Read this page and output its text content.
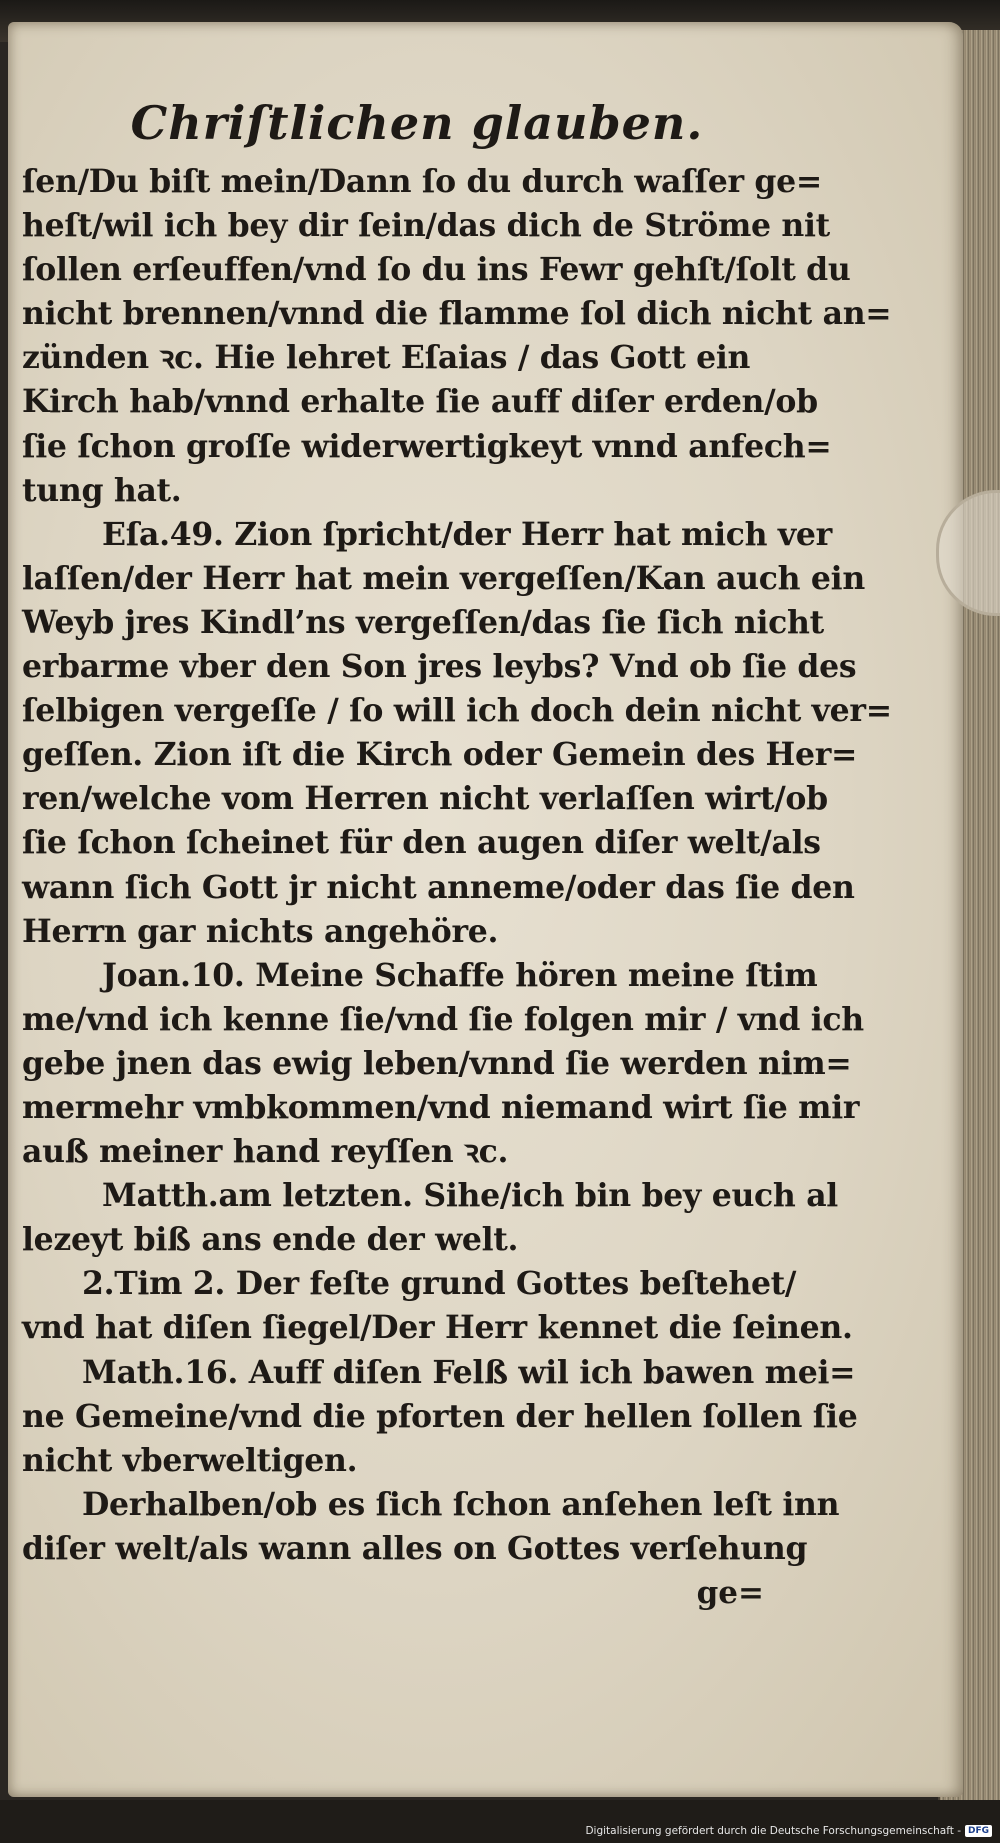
Chriſtlichen glauben.
ſen/Du biſt mein/Dann ſo du durch waſſer ge=
heſt/wil ich bey dir ſein/das dich de Ströme nit
ſollen erſeuffen/vnd ſo du ins Fewr gehſt/ſolt du
nicht brennen/vnnd die flamme ſol dich nicht an=
zünden ꝛc. Hie lehret Eſaias / das Gott ein
Kirch hab/vnnd erhalte ſie auff diſer erden/ob
ſie ſchon groſſe widerwertigkeyt vnnd anfech=
tung hat.
Eſa.49. Zion ſpricht/der Herr hat mich ver
laſſen/der Herr hat mein vergeſſen/Kan auch ein
Weyb jres Kindl’ns vergeſſen/das ſie ſich nicht
erbarme vber den Son jres leybs? Vnd ob ſie des
ſelbigen vergeſſe / ſo will ich doch dein nicht ver=
geſſen. Zion iſt die Kirch oder Gemein des Her=
ren/welche vom Herren nicht verlaſſen wirt/ob
ſie ſchon ſcheinet für den augen diſer welt/als
wann ſich Gott jr nicht anneme/oder das ſie den
Herrn gar nichts angehöre.
Joan.10. Meine Schaffe hören meine ſtim
me/vnd ich kenne ſie/vnd ſie folgen mir / vnd ich
gebe jnen das ewig leben/vnnd ſie werden nim=
mermehr vmbkommen/vnd niemand wirt ſie mir
auß meiner hand reyſſen ꝛc.
Matth.am letzten. Sihe/ich bin bey euch al
lezeyt biß ans ende der welt.
2.Tim 2. Der feſte grund Gottes beſtehet/
vnd hat diſen ſiegel/Der Herr kennet die ſeinen.
Math.16. Auff diſen Felß wil ich bawen mei=
ne Gemeine/vnd die pforten der hellen ſollen ſie
nicht vberweltigen.
Derhalben/ob es ſich ſchon anſehen leſt inn
diſer welt/als wann alles on Gottes verſehung
ge=
Digitalisierung gefördert durch die Deutsche Forschungsgemeinschaft - DFG
